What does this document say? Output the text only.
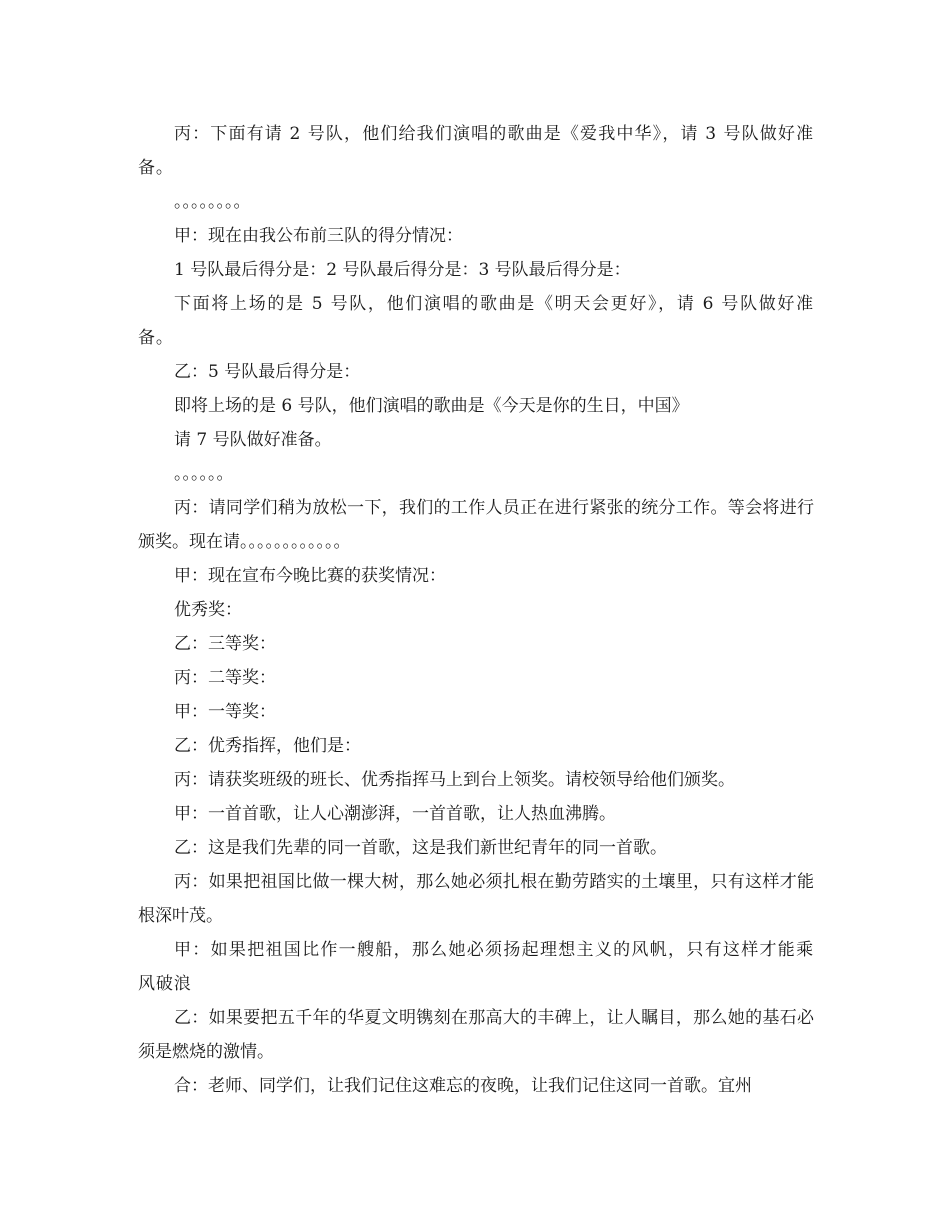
丙：下面有请 2 号队，他们给我们演唱的歌曲是《爱我中华》，请 3 号队做好准备。

。。。。。。。。

甲：现在由我公布前三队的得分情况：

1 号队最后得分是：2 号队最后得分是：3 号队最后得分是：

下面将上场的是 5 号队，他们演唱的歌曲是《明天会更好》，请 6 号队做好准备。

乙：5 号队最后得分是：

即将上场的是 6 号队，他们演唱的歌曲是《今天是你的生日，中国》

请 7 号队做好准备。

。。。。。。

丙：请同学们稍为放松一下，我们的工作人员正在进行紧张的统分工作。等会将进行颁奖。现在请。。。。。。。。。。。。

甲：现在宣布今晚比赛的获奖情况：

优秀奖：

乙：三等奖：

丙：二等奖：

甲：一等奖：

乙：优秀指挥，他们是：

丙：请获奖班级的班长、优秀指挥马上到台上领奖。请校领导给他们颁奖。

甲：一首首歌，让人心潮澎湃，一首首歌，让人热血沸腾。

乙：这是我们先辈的同一首歌，这是我们新世纪青年的同一首歌。

丙：如果把祖国比做一棵大树，那么她必须扎根在勤劳踏实的土壤里，只有这样才能根深叶茂。

甲：如果把祖国比作一艘船，那么她必须扬起理想主义的风帆，只有这样才能乘风破浪

乙：如果要把五千年的华夏文明镌刻在那高大的丰碑上，让人瞩目，那么她的基石必须是燃烧的激情。

合：老师、同学们，让我们记住这难忘的夜晚，让我们记住这同一首歌。宜州
